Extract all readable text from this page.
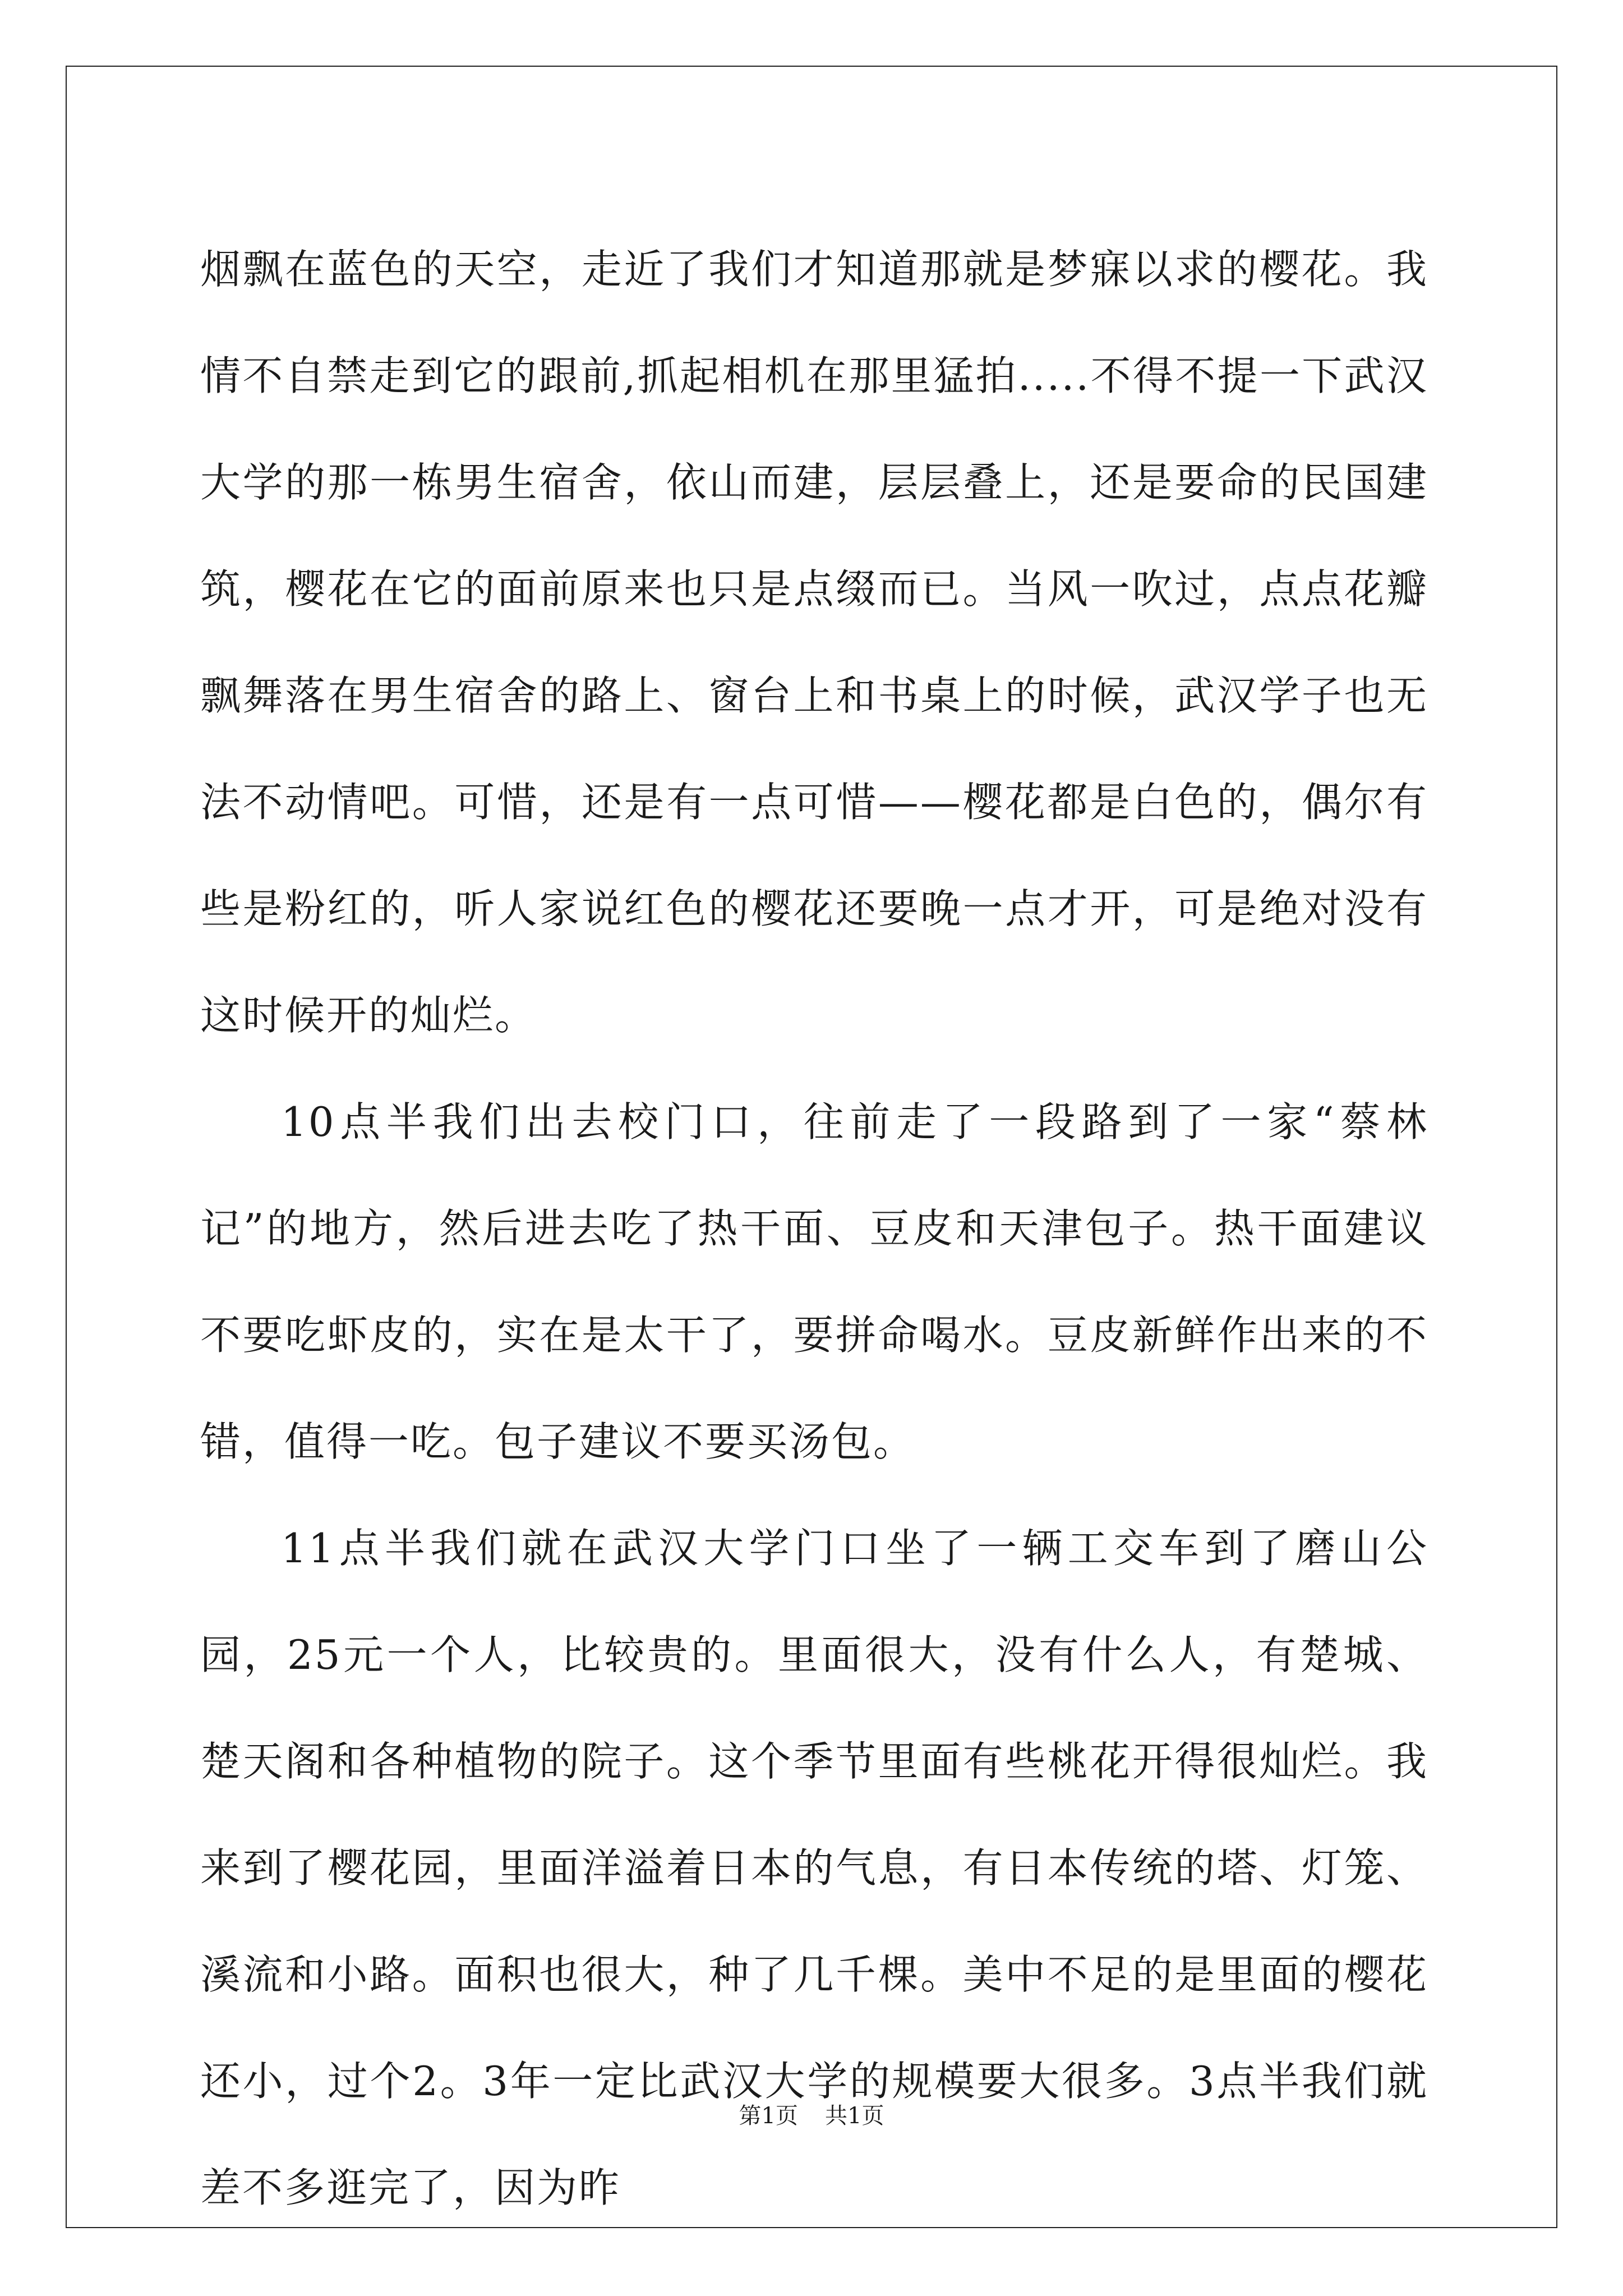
烟飘在蓝色的天空，走近了我们才知道那就是梦寐以求的樱花。我情不自禁走到它的跟前,抓起相机在那里猛拍.....不得不提一下武汉大学的那一栋男生宿舍，依山而建，层层叠上，还是要命的民国建筑，樱花在它的面前原来也只是点缀而已。当风一吹过，点点花瓣飘舞落在男生宿舍的路上、窗台上和书桌上的时候，武汉学子也无法不动情吧。可惜，还是有一点可惜——樱花都是白色的，偶尔有些是粉红的，听人家说红色的樱花还要晚一点才开，可是绝对没有这时候开的灿烂。

10点半我们出去校门口，往前走了一段路到了一家“蔡林记”的地方，然后进去吃了热干面、豆皮和天津包子。热干面建议不要吃虾皮的，实在是太干了，要拼命喝水。豆皮新鲜作出来的不错，值得一吃。包子建议不要买汤包。

11点半我们就在武汉大学门口坐了一辆工交车到了磨山公园，25元一个人，比较贵的。里面很大，没有什么人，有楚城、楚天阁和各种植物的院子。这个季节里面有些桃花开得很灿烂。我来到了樱花园，里面洋溢着日本的气息，有日本传统的塔、灯笼、溪流和小路。面积也很大，种了几千棵。美中不足的是里面的樱花还小，过个2。3年一定比武汉大学的规模要大很多。3点半我们就差不多逛完了，因为昨

第1页 共1页
